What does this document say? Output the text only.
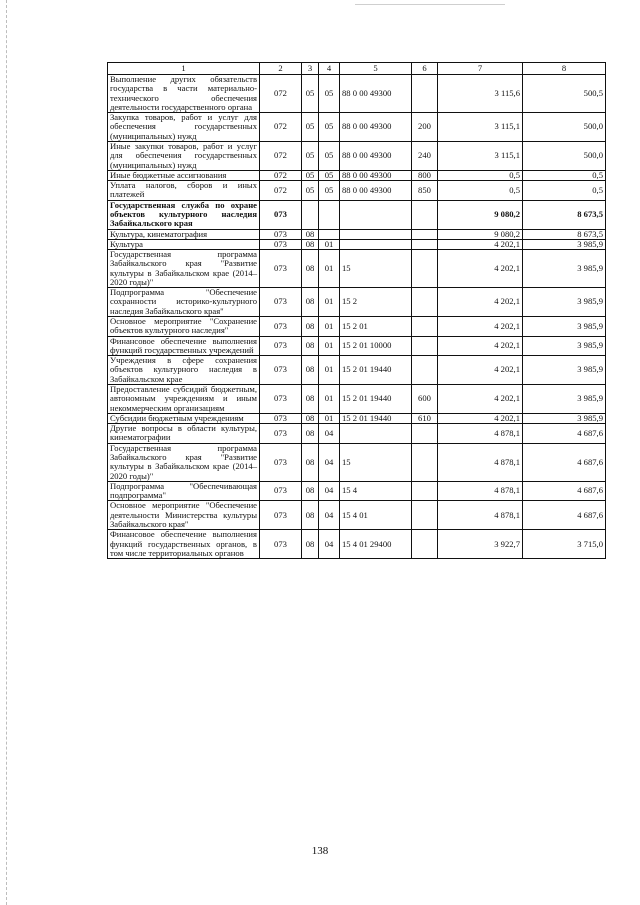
1	2	3	4	5	6	7	8
Выполнение других обязательств государства в части материально-технического обеспечения деятельности государственного органа	072	05	05	88 0 00 49300		3 115,6	500,5
Закупка товаров, работ и услуг для обеспечения государственных (муниципальных) нужд	072	05	05	88 0 00 49300	200	3 115,1	500,0
Иные закупки товаров, работ и услуг для обеспечения государственных (муниципальных) нужд	072	05	05	88 0 00 49300	240	3 115,1	500,0
Иные бюджетные ассигнования	072	05	05	88 0 00 49300	800	0,5	0,5
Уплата налогов, сборов и иных платежей	072	05	05	88 0 00 49300	850	0,5	0,5
Государственная служба по охране объектов культурного наследия Забайкальского края	073					9 080,2	8 673,5
Культура, кинематография	073	08				9 080,2	8 673,5
Культура	073	08	01			4 202,1	3 985,9
Государственная программа Забайкальского края "Развитие культуры в Забайкальском крае (2014–2020 годы)"	073	08	01	15		4 202,1	3 985,9
Подпрограмма "Обеспечение сохранности историко-культурного наследия Забайкальского края"	073	08	01	15 2		4 202,1	3 985,9
Основное мероприятие "Сохранение объектов культурного наследия"	073	08	01	15 2 01		4 202,1	3 985,9
Финансовое обеспечение выполнения функций государственных учреждений	073	08	01	15 2 01 10000		4 202,1	3 985,9
Учреждения в сфере сохранения объектов культурного наследия в Забайкальском крае	073	08	01	15 2 01 19440		4 202,1	3 985,9
Предоставление субсидий бюджетным, автономным учреждениям и иным некоммерческим организациям	073	08	01	15 2 01 19440	600	4 202,1	3 985,9
Субсидии бюджетным учреждениям	073	08	01	15 2 01 19440	610	4 202,1	3 985,9
Другие вопросы в области культуры, кинематографии	073	08	04			4 878,1	4 687,6
Государственная программа Забайкальского края "Развитие культуры в Забайкальском крае (2014–2020 годы)"	073	08	04	15		4 878,1	4 687,6
Подпрограмма "Обеспечивающая подпрограмма"	073	08	04	15 4		4 878,1	4 687,6
Основное мероприятие "Обеспечение деятельности Министерства культуры Забайкальского края"	073	08	04	15 4 01		4 878,1	4 687,6
Финансовое обеспечение выполнения функций государственных органов, в том числе территориальных органов	073	08	04	15 4 01 29400		3 922,7	3 715,0
138
